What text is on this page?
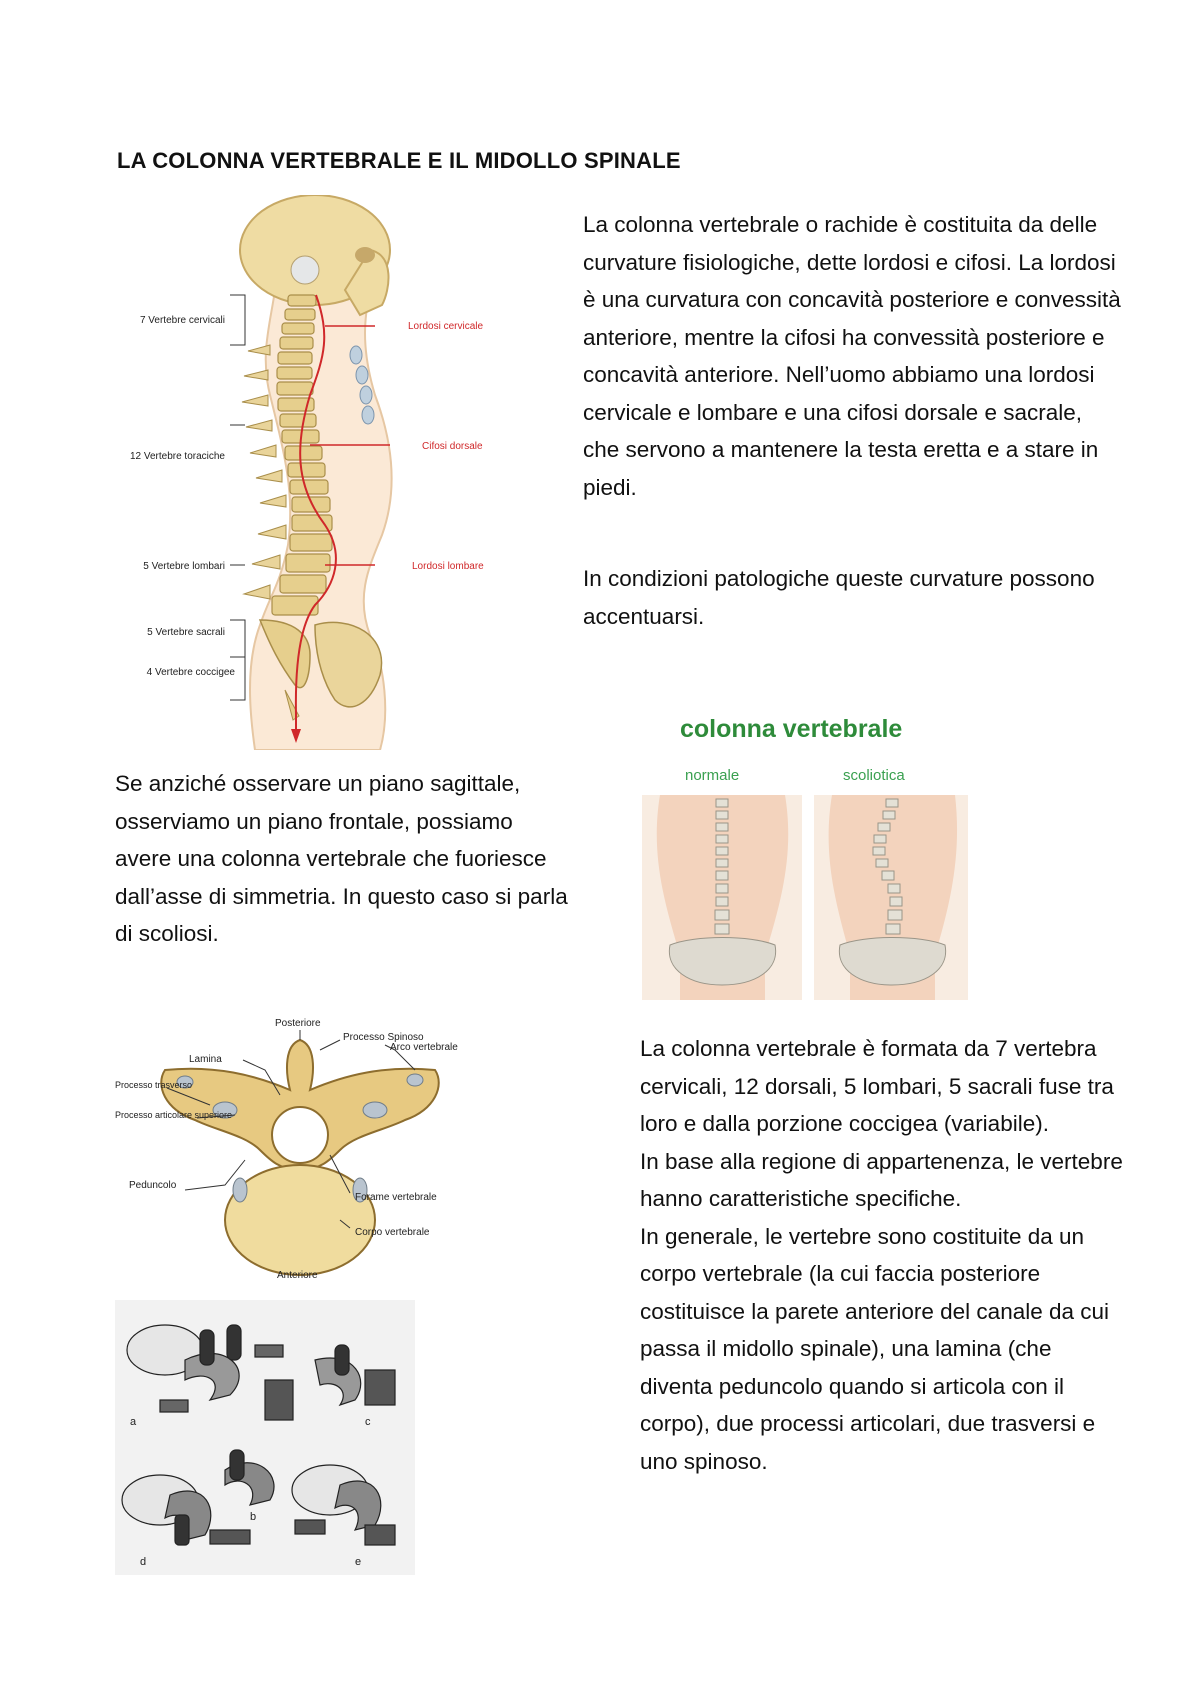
LA COLONNA VERTEBRALE E IL MIDOLLO SPINALE
7 Vertebre cervicali
12 Vertebre toraciche
5 Vertebre lombari
5 Vertebre sacrali
4 Vertebre coccigee
Lordosi cervicale
Cifosi dorsale
Lordosi lombare
La colonna vertebrale o rachide è costituita da delle curvature fisiologiche, dette lordosi e cifosi. La lordosi è una curvatura con concavità posteriore e convessità anteriore, mentre la cifosi ha convessità posteriore e concavità anteriore. Nell’uomo abbiamo una lordosi cervicale e lombare e una cifosi dorsale e sacrale, che servono a mantenere la testa eretta e a stare in piedi.
In condizioni patologiche queste curvature possono accentuarsi.
colonna vertebrale
normale	scoliotica
Se anziché osservare un piano sagittale, osserviamo un piano frontale, possiamo avere una colonna vertebrale che fuoriesce dall’asse di simmetria. In questo caso si parla di scoliosi.
Posteriore
Processo Spinoso
Arco vertebrale
Lamina
Processo trasverso
Processo articolare superiore
Peduncolo
Forame vertebrale
Corpo vertebrale
Anteriore
a
b
c
d	e
La colonna vertebrale è formata da 7 vertebra cervicali, 12 dorsali, 5 lombari, 5 sacrali fuse tra loro e dalla porzione coccigea (variabile).
In base alla regione di appartenenza, le vertebre hanno caratteristiche specifiche.
In generale, le vertebre sono costituite da un corpo vertebrale (la cui faccia posteriore costituisce la parete anteriore del canale da cui passa il midollo spinale), una lamina (che diventa peduncolo quando si articola con il corpo), due processi articolari, due trasversi e uno spinoso.
